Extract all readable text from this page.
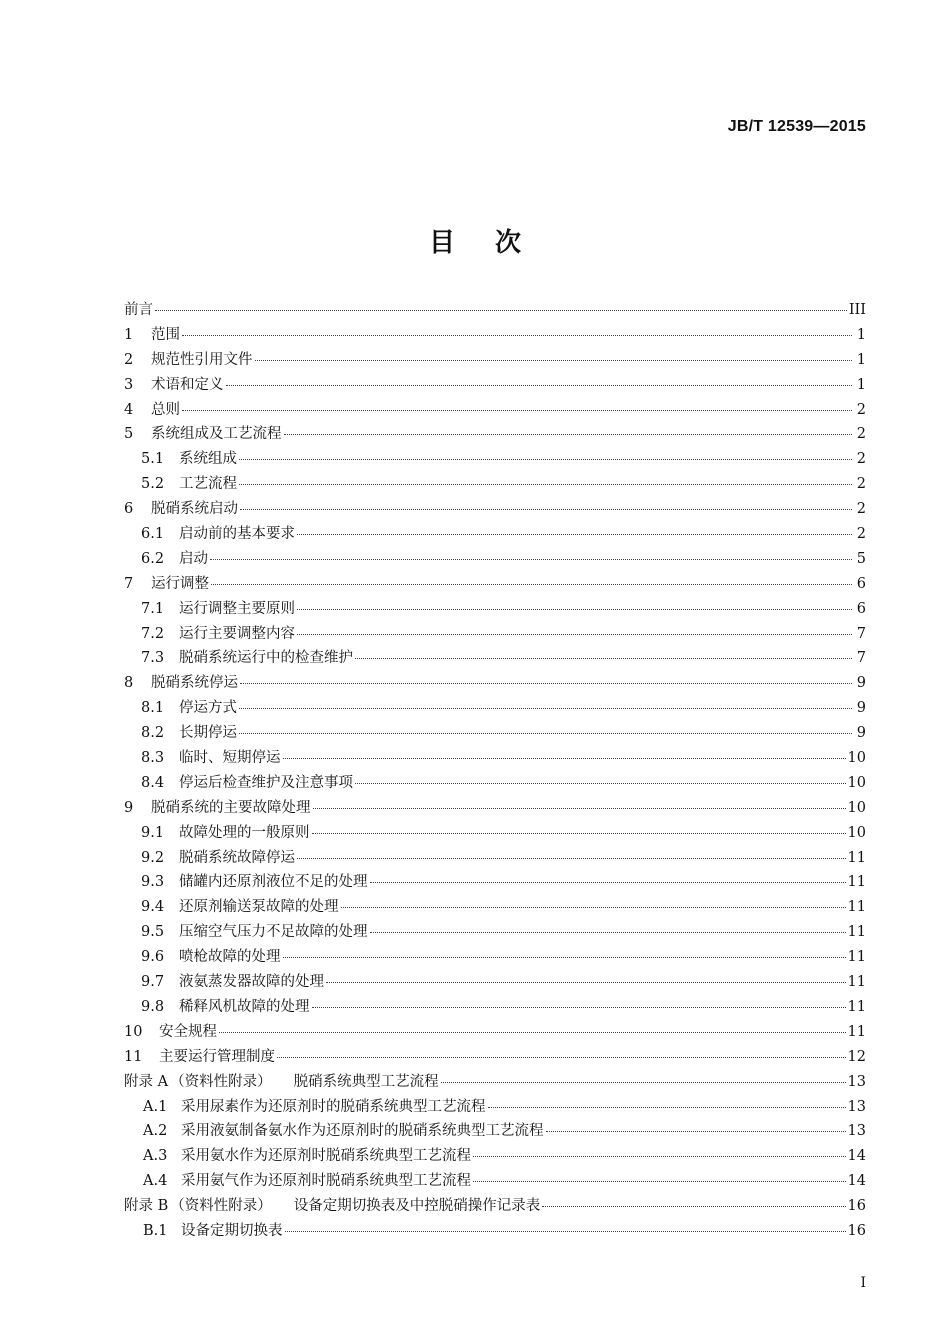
JB/T 12539—2015
目次
前言	III
1	范围	1
2	规范性引用文件	1
3	术语和定义	1
4	总则	2
5	系统组成及工艺流程	2
5.1	系统组成	2
5.2	工艺流程	2
6	脱硝系统启动	2
6.1	启动前的基本要求	2
6.2	启动	5
7	运行调整	6
7.1	运行调整主要原则	6
7.2	运行主要调整内容	7
7.3	脱硝系统运行中的检查维护	7
8	脱硝系统停运	9
8.1	停运方式	9
8.2	长期停运	9
8.3	临时、短期停运	10
8.4	停运后检查维护及注意事项	10
9	脱硝系统的主要故障处理	10
9.1	故障处理的一般原则	10
9.2	脱硝系统故障停运	11
9.3	储罐内还原剂液位不足的处理	11
9.4	还原剂输送泵故障的处理	11
9.5	压缩空气压力不足故障的处理	11
9.6	喷枪故障的处理	11
9.7	液氨蒸发器故障的处理	11
9.8	稀释风机故障的处理	11
10	安全规程	11
11	主要运行管理制度	12
附录 A （资料性附录） 脱硝系统典型工艺流程	13
A.1 采用尿素作为还原剂时的脱硝系统典型工艺流程	13
A.2 采用液氨制备氨水作为还原剂时的脱硝系统典型工艺流程	13
A.3 采用氨水作为还原剂时脱硝系统典型工艺流程	14
A.4 采用氨气作为还原剂时脱硝系统典型工艺流程	14
附录 B （资料性附录） 设备定期切换表及中控脱硝操作记录表	16
B.1 设备定期切换表	16
I
